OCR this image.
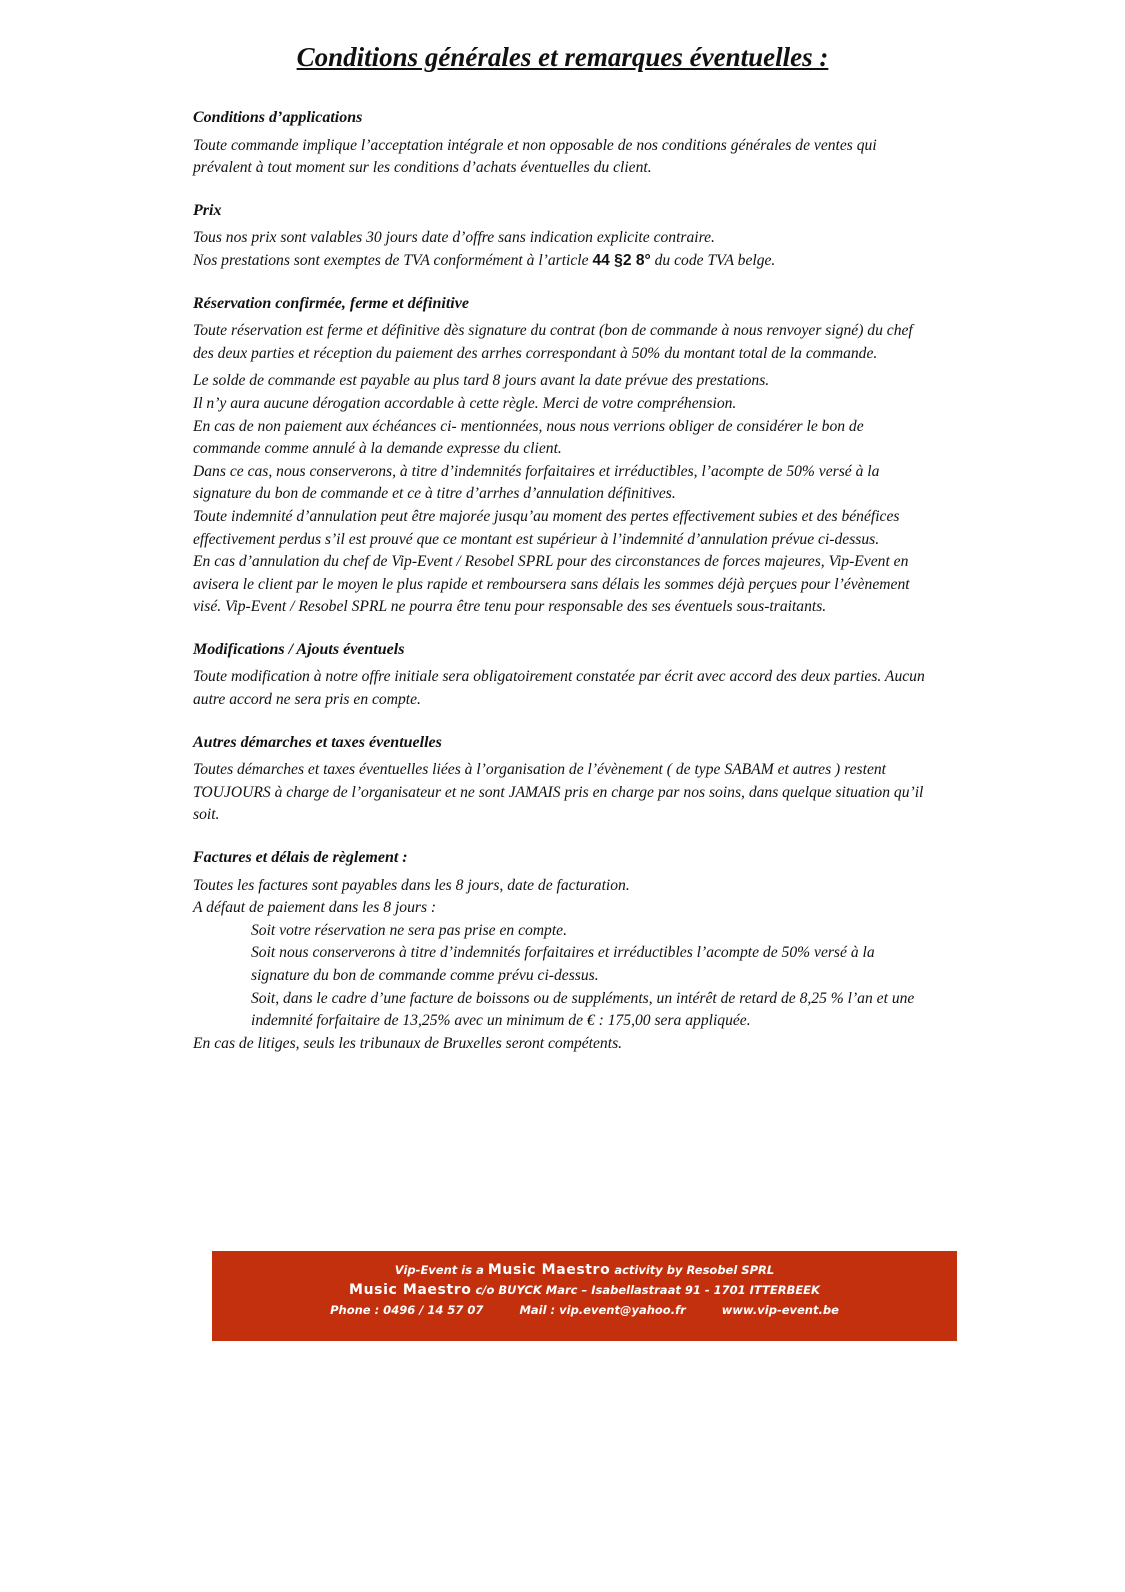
Conditions générales et remarques éventuelles :
Conditions d’applications

Toute commande implique l’acceptation intégrale et non opposable de nos conditions générales de ventes qui prévalent à tout moment sur les conditions d’achats éventuelles du client.

Prix

Tous nos prix sont valables 30 jours date d’offre sans indication explicite contraire.

Nos prestations sont exemptes de TVA conformément à l’article 44 §2 8° du code TVA belge.

Réservation confirmée, ferme et définitive

Toute réservation est ferme et définitive dès signature du contrat (bon de commande à nous renvoyer signé) du chef des deux parties et réception du paiement des arrhes correspondant à 50% du montant total de la commande.

Le solde de commande est payable au plus tard 8 jours avant la date prévue des prestations.

Il n’y aura aucune dérogation accordable à cette règle. Merci de votre compréhension.

En cas de non paiement aux échéances ci- mentionnées, nous nous verrions obliger de considérer le bon de commande comme annulé à la demande expresse du client.

Dans ce cas, nous conserverons, à titre d’indemnités forfaitaires et irréductibles, l’acompte de 50% versé à la signature du bon de commande et ce à titre d’arrhes d’annulation définitives.

Toute indemnité d’annulation peut être majorée jusqu’au moment des pertes effectivement subies et des bénéfices effectivement perdus s’il est prouvé que ce montant est supérieur à l’indemnité d’annulation prévue ci-dessus.

En cas d’annulation du chef de Vip-Event / Resobel SPRL pour des circonstances de forces majeures, Vip-Event en avisera le client par le moyen le plus rapide et remboursera sans délais les sommes déjà perçues pour l’évènement visé. Vip-Event / Resobel SPRL ne pourra être tenu pour responsable des ses éventuels sous-traitants.

Modifications / Ajouts éventuels

Toute modification à notre offre initiale sera obligatoirement constatée par écrit avec accord des deux parties. Aucun autre accord ne sera pris en compte.

Autres démarches et taxes éventuelles

Toutes démarches et taxes éventuelles liées à l’organisation de l’évènement ( de type SABAM et autres ) restent TOUJOURS à charge de l’organisateur et ne sont JAMAIS pris en charge par nos soins, dans quelque situation qu’il soit.

Factures et délais de règlement :

Toutes les factures sont payables dans les 8 jours, date de facturation.

A défaut de paiement dans les 8 jours :

Soit votre réservation ne sera pas prise en compte.

Soit nous conserverons à titre d’indemnités forfaitaires et irréductibles l’acompte de 50% versé à la signature du bon de commande comme prévu ci-dessus.

Soit, dans le cadre d’une facture de boissons ou de suppléments, un intérêt de retard de 8,25 % l’an et une indemnité forfaitaire de 13,25% avec un minimum de € : 175,00 sera appliquée.

En cas de litiges, seuls les tribunaux de Bruxelles seront compétents.

Vip-Event is a Music Maestro activity by Resobel SPRL
Music Maestro c/o BUYCK Marc – Isabellastraat 91 - 1701 ITTERBEEK
Phone : 0496 / 14 57 07	Mail : vip.event@yahoo.fr	www.vip-event.be
